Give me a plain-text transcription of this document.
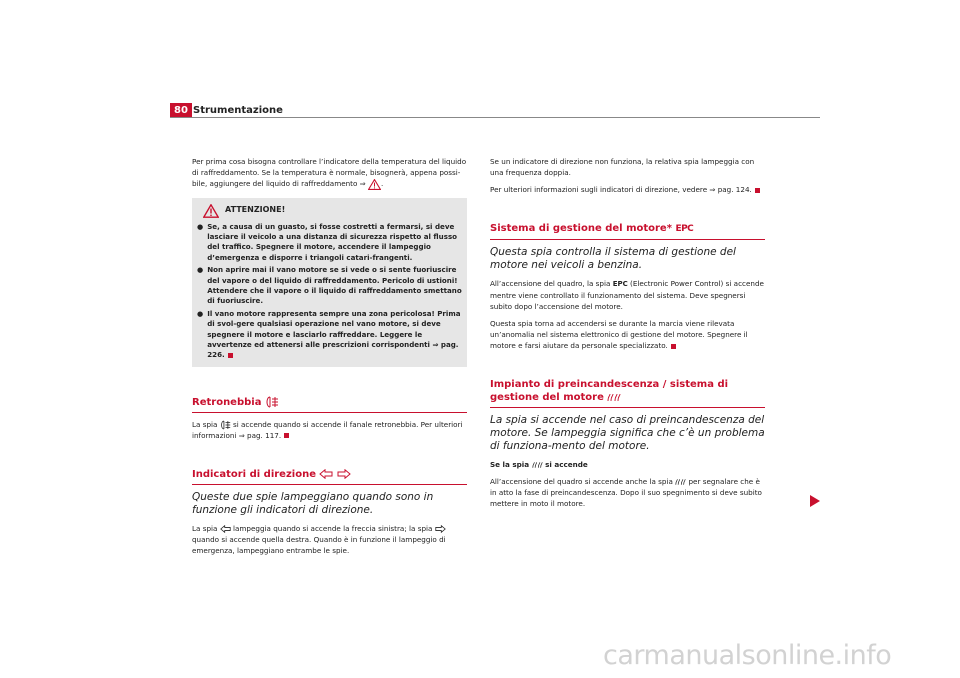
80 Strumentazione

Per prima cosa bisogna controllare l’indicatore della temperatura del liquido di raffreddamento. Se la temperatura è normale, bisognerà, appena possi-bile, aggiungere del liquido di raffreddamento ⇒ .

ATTENZIONE!
● Se, a causa di un guasto, si fosse costretti a fermarsi, si deve lasciare il veicolo a una distanza di sicurezza rispetto al flusso del traffico. Spegnere il motore, accendere il lampeggio d’emergenza e disporre i triangoli catari-frangenti.
● Non aprire mai il vano motore se si vede o si sente fuoriuscire del vapore o del liquido di raffreddamento. Pericolo di ustioni! Attendere che il vapore o il liquido di raffreddamento smettano di fuoriuscire.
● Il vano motore rappresenta sempre una zona pericolosa! Prima di svol-gere qualsiasi operazione nel vano motore, si deve spegnere il motore e lasciarlo raffreddare. Leggere le avvertenze ed attenersi alle prescrizioni corrispondenti ⇒ pag. 226.
Retronebbia

La spia si accende quando si accende il fanale retronebbia. Per ulteriori informazioni ⇒ pag. 117.

Indicatori di direzione

Queste due spie lampeggiano quando sono in funzione gli indicatori di direzione.

La spia lampeggia quando si accende la freccia sinistra; la spia
quando si accende quella destra. Quando è in funzione il lampeggio di emergenza, lampeggiano entrambe le spie.

Se un indicatore di direzione non funziona, la relativa spia lampeggia con una frequenza doppia.

Per ulteriori informazioni sugli indicatori di direzione, vedere ⇒ pag. 124.

Sistema di gestione del motore* EPC

Questa spia controlla il sistema di gestione del motore nei veicoli a benzina.

All’accensione del quadro, la spia EPC (Electronic Power Control) si accende mentre viene controllato il funzionamento del sistema. Deve spegnersi subito dopo l’accensione del motore.

Questa spia torna ad accendersi se durante la marcia viene rilevata un’anomalia nel sistema elettronico di gestione del motore. Spegnere il motore e farsi aiutare da personale specializzato.

Impianto di preincandescenza / sistema di gestione del motore

La spia si accende nel caso di preincandescenza del motore. Se lampeggia significa che c’è un problema di funziona-mento del motore.

Se la spia si accende

All’accensione del quadro si accende anche la spia per segnalare che è in atto la fase di preincandescenza. Dopo il suo spegnimento si deve subito mettere in moto il motore.

carmanualsonline.info
